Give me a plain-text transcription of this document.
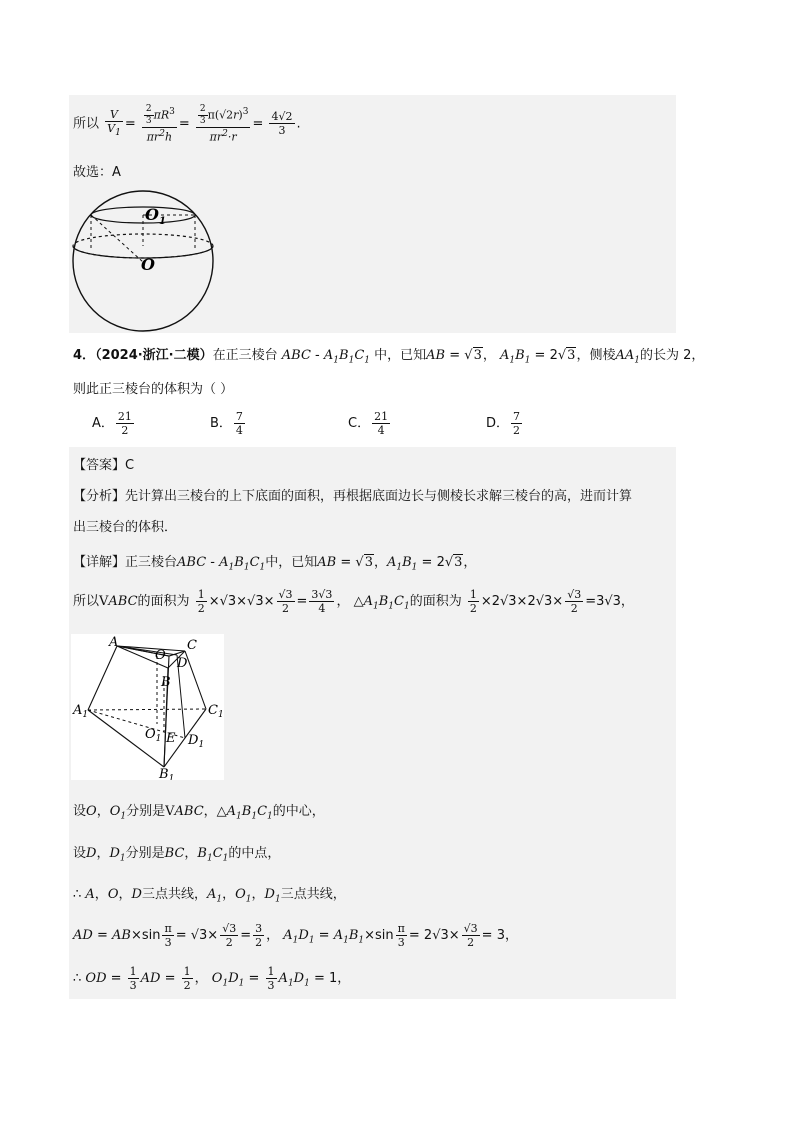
所以 $\frac{V}{V_1} = \frac{\frac{2}{3} \pi R^3}{\pi r^2h} = \frac{\frac{2}{3} \pi(√2r)^3}{\pi r^2\cdot r} = \frac{4√2}{3}$ .
故选：A
$O_1$
O
4．（2024·浙江·二模）在正三棱台 ABC - $A_1B_1C_1$ 中，已知AB = √3， $A_1B_1 = 2√3$，侧棱$AA_1$的长为 2，
则此正三棱台的体积为（ ）
A． $\frac{21}{2}$	B． $\frac{7}{4}$	C． $\frac{21}{4}$	D． $\frac{7}{2}$
【答案】C
【分析】先计算出三棱台的上下底面的面积，再根据底面边长与侧棱长求解三棱台的高，进而计算
出三棱台的体积．
【详解】正三棱台ABC - $A_1B_1C_1$中，已知AB = √3，$A_1B_1 = 2√3$，
所以VABC的面积为 $\frac{1}{2} \times√3\times√3\times \frac{√3}{2} = \frac{3√3}{4}$ ， $\triangle A_1B_1C_1$的面积为 $\frac{1}{2} \times 2√3\times 2√3\times \frac{√3}{2} =3√3$，
A
O
C
D
B
$A_1$	$C_1$
$O_1$ E $D_1$
$B_1$
设O，$O_1$分别是VABC，$\triangle A_1B_1C_1$的中心，
设D，$D_1$分别是BC，$B_1C_1$的中点，
∴ A，O，D三点共线，$A_1$，$O_1$，$D_1$三点共线，
AD = $AB\times\sin \frac{\pi}{3} = √3\times \frac{√3}{2} = \frac{3}{2}$ ， $A_1D_1 = A_1B_1\times\sin \frac{\pi}{3} = 2√3\times \frac{√3}{2} = 3$，
∴ OD = $\frac{1}{3}$ AD = $\frac{1}{2}$ ， $O_1D_1 = \frac{1}{3} A_1D_1 = 1$，
